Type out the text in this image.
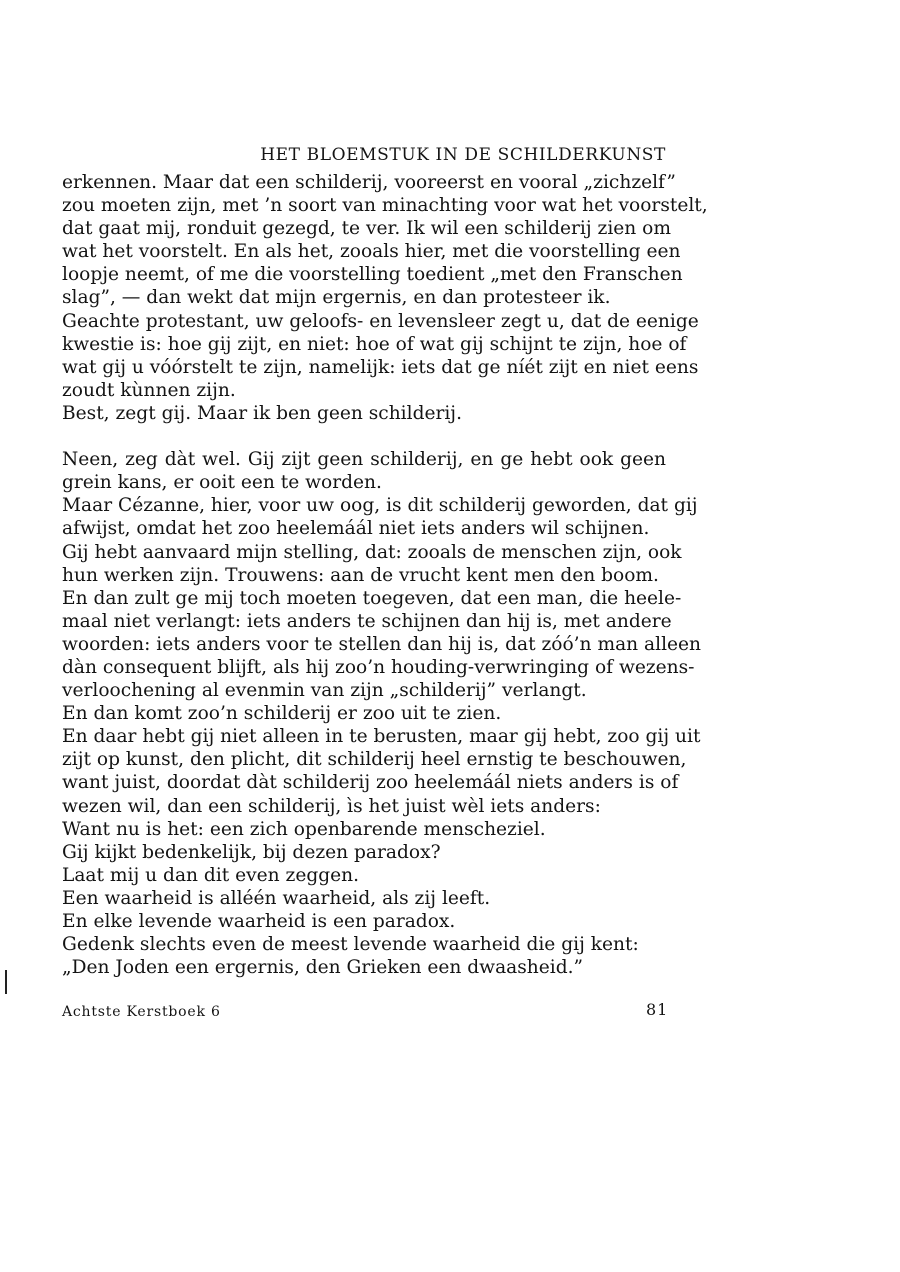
HET BLOEMSTUK IN DE SCHILDERKUNST
erkennen. Maar dat een schilderij, vooreerst en vooral „zichzelf”
zou moeten zijn, met ’n soort van minachting voor wat het voorstelt,
dat gaat mij, ronduit gezegd, te ver. Ik wil een schilderij zien om
wat het voorstelt. En als het, zooals hier, met die voorstelling een
loopje neemt, of me die voorstelling toedient „met den Franschen
slag”, — dan wekt dat mijn ergernis, en dan protesteer ik.
Geachte protestant, uw geloofs- en levensleer zegt u, dat de eenige
kwestie is: hoe gij zijt, en niet: hoe of wat gij schijnt te zijn, hoe of
wat gij u vóórstelt te zijn, namelijk: iets dat ge níét zijt en niet eens
zoudt kùnnen zijn.
Best, zegt gij. Maar ik ben geen schilderij.
Neen, zeg dàt wel. Gij zijt geen schilderij, en ge hebt ook geen
grein kans, er ooit een te worden.
Maar Cézanne, hier, voor uw oog, is dit schilderij geworden, dat gij
afwijst, omdat het zoo heelemáál niet iets anders wil schijnen.
Gij hebt aanvaard mijn stelling, dat: zooals de menschen zijn, ook
hun werken zijn. Trouwens: aan de vrucht kent men den boom.
En dan zult ge mij toch moeten toegeven, dat een man, die heele-
maal niet verlangt: iets anders te schijnen dan hij is, met andere
woorden: iets anders voor te stellen dan hij is, dat zóó’n man alleen
dàn consequent blijft, als hij zoo’n houding-verwringing of wezens-
verloochening al evenmin van zijn „schilderij” verlangt.
En dan komt zoo’n schilderij er zoo uit te zien.
En daar hebt gij niet alleen in te berusten, maar gij hebt, zoo gij uit
zijt op kunst, den plicht, dit schilderij heel ernstig te beschouwen,
want juist, doordat dàt schilderij zoo heelemáál niets anders is of
wezen wil, dan een schilderij, ìs het juist wèl iets anders:
Want nu is het: een zich openbarende menscheziel.
Gij kijkt bedenkelijk, bij dezen paradox?
Laat mij u dan dit even zeggen.
Een waarheid is alléén waarheid, als zij leeft.
En elke levende waarheid is een paradox.
Gedenk slechts even de meest levende waarheid die gij kent:
„Den Joden een ergernis, den Grieken een dwaasheid.”
Achtste Kerstboek 6	81
